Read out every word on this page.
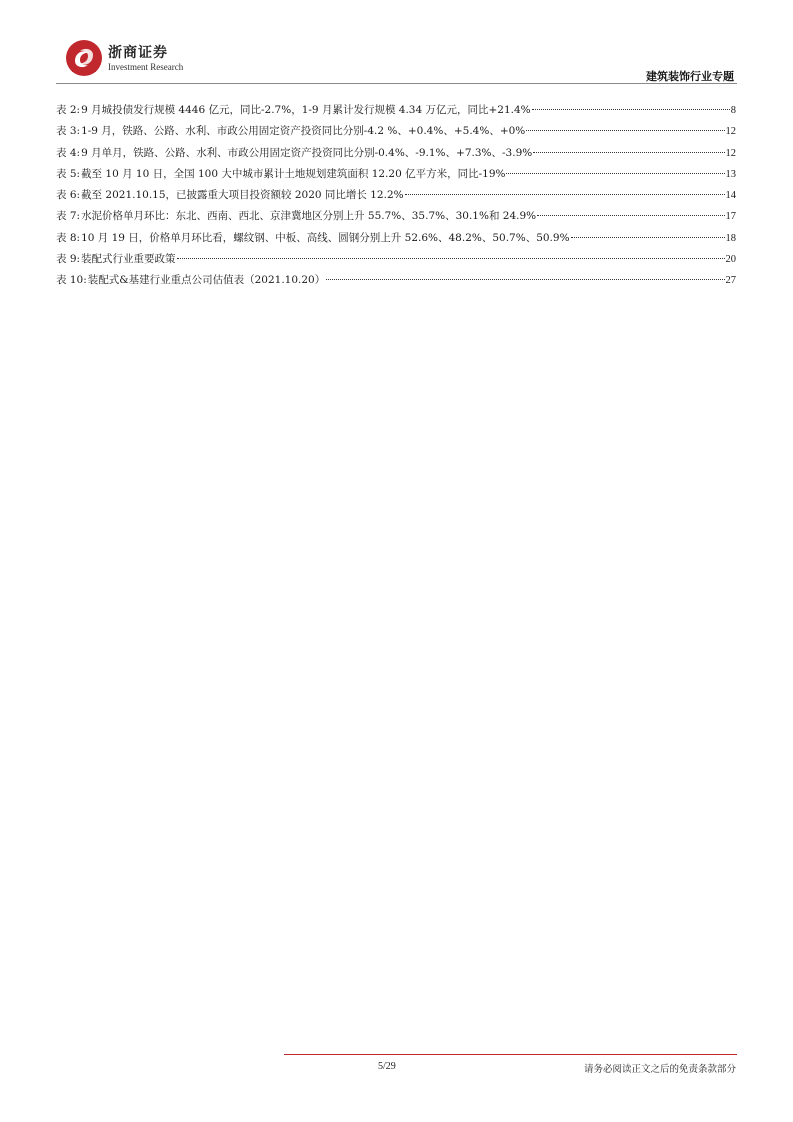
浙商证券
Investment Research
建筑装饰行业专题
表 2: 9 月城投债发行规模 4446 亿元，同比-2.7%，1-9 月累计发行规模 4.34 万亿元，同比+21.4%	8
表 3: 1-9 月，铁路、公路、水利、市政公用固定资产投资同比分别-4.2 %、+0.4%、+5.4%、+0%	12
表 4: 9 月单月，铁路、公路、水利、市政公用固定资产投资同比分别-0.4%、-9.1%、+7.3%、-3.9%	12
表 5: 截至 10 月 10 日，全国 100 大中城市累计土地规划建筑面积 12.20 亿平方米，同比-19%	13
表 6: 截至 2021.10.15，已披露重大项目投资额较 2020 同比增长 12.2%	14
表 7: 水泥价格单月环比：东北、西南、西北、京津冀地区分别上升 55.7%、35.7%、30.1%和 24.9%	17
表 8: 10 月 19 日，价格单月环比看，螺纹钢、中板、高线、圆钢分别上升 52.6%、48.2%、50.7%、50.9%	18
表 9: 装配式行业重要政策	20
表 10: 装配式&基建行业重点公司估值表（2021.10.20）	27
5/29	请务必阅读正文之后的免责条款部分
